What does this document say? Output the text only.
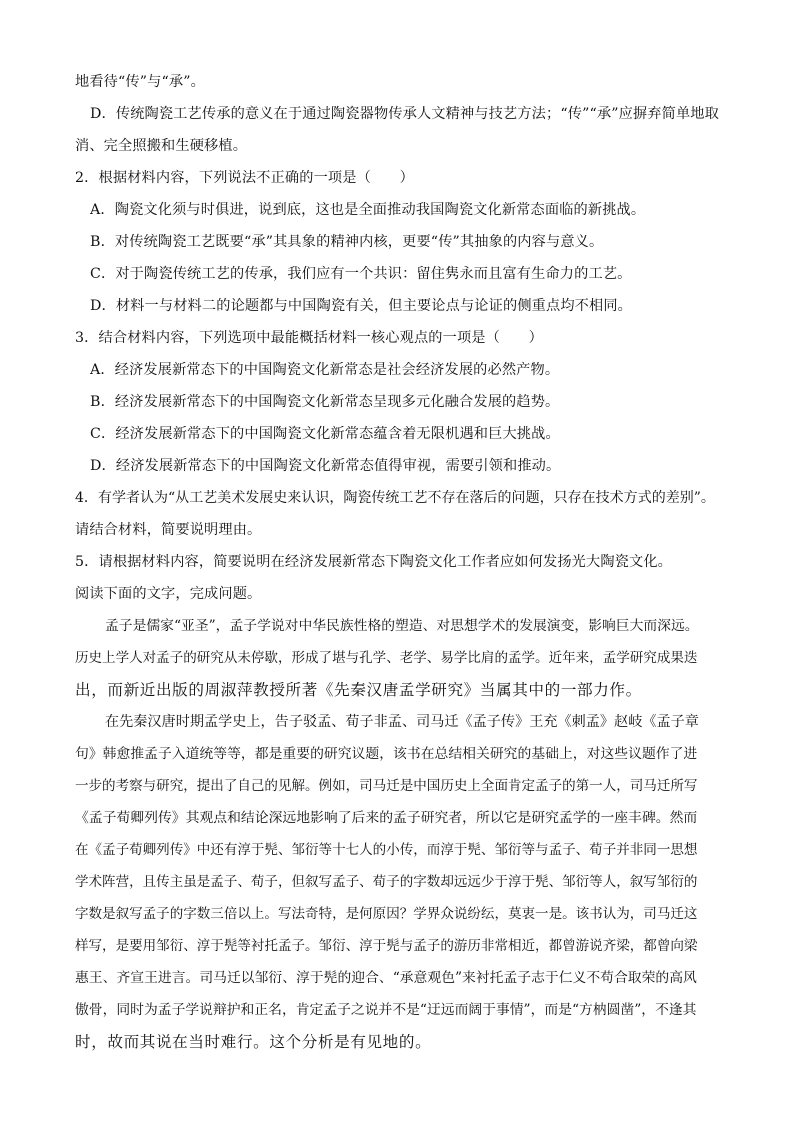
地看待“传”与“承”。
D．传统陶瓷工艺传承的意义在于通过陶瓷器物传承人文精神与技艺方法；“传”“承”应摒弃简单地取
消、完全照搬和生硬移植。
2．根据材料内容，下列说法不正确的一项是（　　）
A．陶瓷文化须与时俱进，说到底，这也是全面推动我国陶瓷文化新常态面临的新挑战。
B．对传统陶瓷工艺既要“承”其具象的精神内核，更要“传”其抽象的内容与意义。
C．对于陶瓷传统工艺的传承，我们应有一个共识：留住隽永而且富有生命力的工艺。
D．材料一与材料二的论题都与中国陶瓷有关，但主要论点与论证的侧重点均不相同。
3．结合材料内容，下列选项中最能概括材料一核心观点的一项是（　　）
A．经济发展新常态下的中国陶瓷文化新常态是社会经济发展的必然产物。
B．经济发展新常态下的中国陶瓷文化新常态呈现多元化融合发展的趋势。
C．经济发展新常态下的中国陶瓷文化新常态蕴含着无限机遇和巨大挑战。
D．经济发展新常态下的中国陶瓷文化新常态值得审视，需要引领和推动。
4．有学者认为“从工艺美术发展史来认识，陶瓷传统工艺不存在落后的问题，只存在技术方式的差别”。
请结合材料，简要说明理由。
5．请根据材料内容，简要说明在经济发展新常态下陶瓷文化工作者应如何发扬光大陶瓷文化。
阅读下面的文字，完成问题。
孟子是儒家“亚圣”，孟子学说对中华民族性格的塑造、对思想学术的发展演变，影响巨大而深远。
历史上学人对孟子的研究从未停歇，形成了堪与孔学、老学、易学比肩的孟学。近年来，孟学研究成果迭
出，而新近出版的周淑萍教授所著《先秦汉唐孟学研究》当属其中的一部力作。
在先秦汉唐时期孟学史上，告子驳孟、荀子非孟、司马迁《孟子传》王充《刺孟》赵岐《孟子章
句》韩愈推孟子入道统等等，都是重要的研究议题，该书在总结相关研究的基础上，对这些议题作了进
一步的考察与研究，提出了自己的见解。例如，司马迁是中国历史上全面肯定孟子的第一人，司马迁所写
《孟子荀卿列传》其观点和结论深远地影响了后来的孟子研究者，所以它是研究孟学的一座丰碑。然而
在《孟子荀卿列传》中还有淳于髡、邹衍等十七人的小传，而淳于髡、邹衍等与孟子、荀子并非同一思想
学术阵营，且传主虽是孟子、荀子，但叙写孟子、荀子的字数却远远少于淳于髡、邹衍等人，叙写邹衍的
字数是叙写孟子的字数三倍以上。写法奇特，是何原因？学界众说纷纭，莫衷一是。该书认为，司马迁这
样写，是要用邹衍、淳于髡等衬托孟子。邹衍、淳于髡与孟子的游历非常相近，都曾游说齐梁，都曾向梁
惠王、齐宣王进言。司马迁以邹衍、淳于髡的迎合、“承意观色”来衬托孟子志于仁义不苟合取荣的高风
傲骨，同时为孟子学说辩护和正名，肯定孟子之说并不是“迂远而阔于事情”，而是“方枘圆凿”，不逢其
时，故而其说在当时难行。这个分析是有见地的。
